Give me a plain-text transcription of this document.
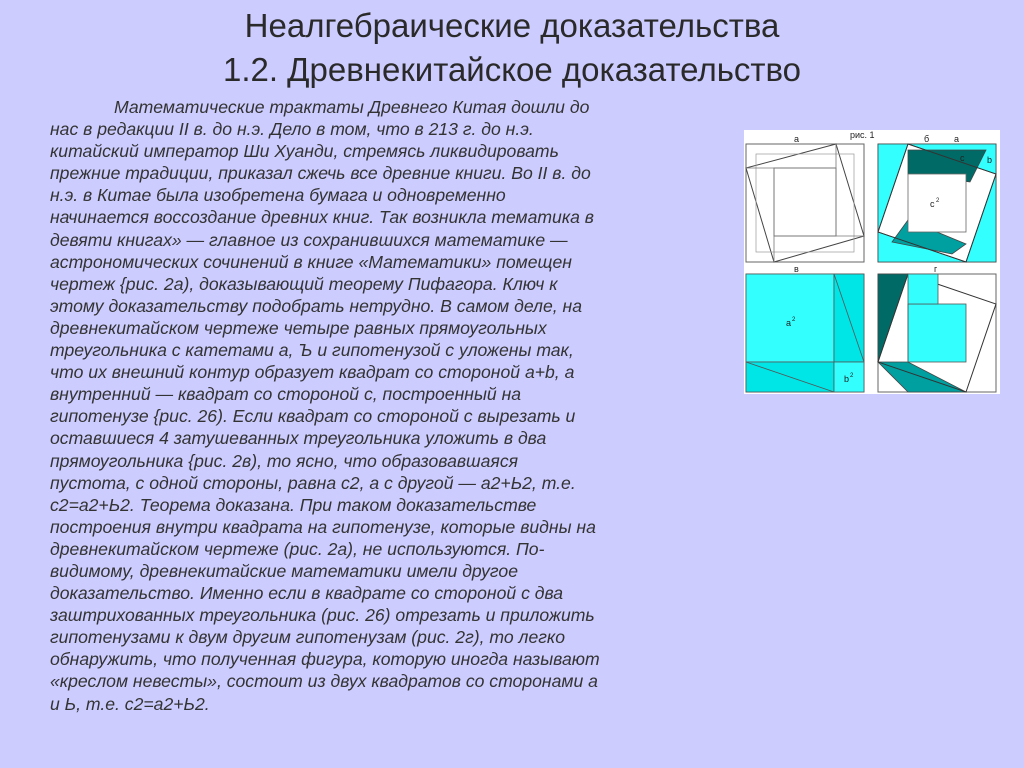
Неалгебраические доказательства
1.2. Древнекитайское доказательство
Математические трактаты Древнего Китая дошли до
нас в редакции II в. до н.э. Дело в том, что в 213 г. до н.э.
китайский император Ши Хуанди, стремясь ликвидировать
прежние традиции, приказал сжечь все древние книги. Во II в. до
н.э. в Китае была изобретена бумага и одновременно
начинается воссоздание древних книг. Так возникла тематика в
девяти книгах» — главное из сохранившихся математике —
астрономических сочинений в книге «Математики» помещен
чертеж {рис. 2а), доказывающий теорему Пифагора. Ключ к
этому доказательству подобрать нетрудно. В самом деле, на
древнекитайском чертеже четыре равных прямоугольных
треугольника с катетами а, Ъ и гипотенузой с уложены так,
что их внешний контур образует квадрат со стороной а+b, а
внутренний — квадрат со стороной с, построенный на
гипотенузе {рис. 26). Если квадрат со стороной с вырезать и
оставшиеся 4 затушеванных треугольника уложить в два
прямоугольника {рис. 2в), то ясно, что образовавшаяся
пустота, с одной стороны, равна с2, а с другой — а2+Ь2, т.е.
с2=а2+Ь2. Теорема доказана. При таком доказательстве
построения внутри квадрата на гипотенузе, которые видны на
древнекитайском чертеже (рис. 2а), не используются. По-
видимому, древнекитайские математики имели другое
доказательство. Именно если в квадрате со стороной с два
заштрихованных треугольника (рис. 26) отрезать и приложить
гипотенузами к двум другим гипотенузам (рис. 2г), то легко
обнаружить, что полученная фигура, которую иногда называют
«креслом невесты», состоит из двух квадратов со сторонами а
и Ь, т.е. с2=а2+Ь2.
а	рис. 1	б	а
с	b
c 2
в
a 2
b 2
г
